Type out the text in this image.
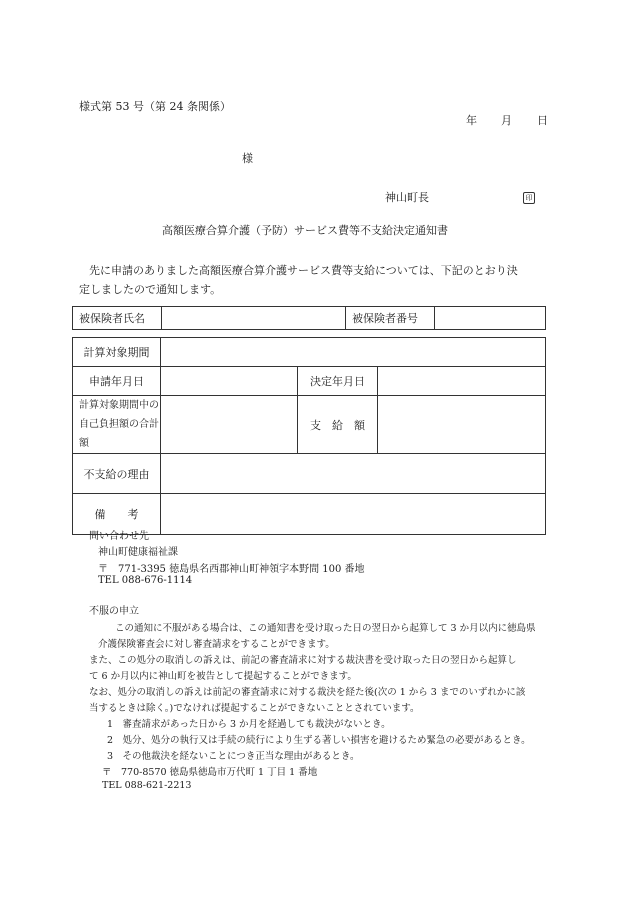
様式第 53 号（第 24 条関係）
年 月 日
様
神山町長	印
高額医療合算介護（予防）サービス費等不支給決定通知書
先に申請のありました高額医療合算介護サービス費等支給については、下記のとおり決
定しましたので通知します。
被保険者氏名		被保険者番号	
計算対象期間			
申請年月日		決定年月日	

計算対象期間中の
自己負担額の合計額		支　給　額	
不支給の理由			
備　　考			
問い合わせ先
神山町健康福祉課
〒　771-3395 徳島県名西郡神山町神領字本野間 100 番地
TEL 088-676-1114
不服の申立
この通知に不服がある場合は、この通知書を受け取った日の翌日から起算して 3 か月以内に徳島県
介護保険審査会に対し審査請求をすることができます。
また、この処分の取消しの訴えは、前記の審査請求に対する裁決書を受け取った日の翌日から起算し
て 6 か月以内に神山町を被告として提起することができます。
なお、処分の取消しの訴えは前記の審査請求に対する裁決を経た後(次の 1 から 3 までのいずれかに該
当するときは除く。)でなければ提起することができないこととされています。
1　審査請求があった日から 3 か月を経過しても裁決がないとき。
2　処分、処分の執行又は手続の続行により生ずる著しい損害を避けるため緊急の必要があるとき。
3　その他裁決を経ないことにつき正当な理由があるとき。
〒　770-8570 徳島県徳島市万代町 1 丁目 1 番地
TEL 088-621-2213
